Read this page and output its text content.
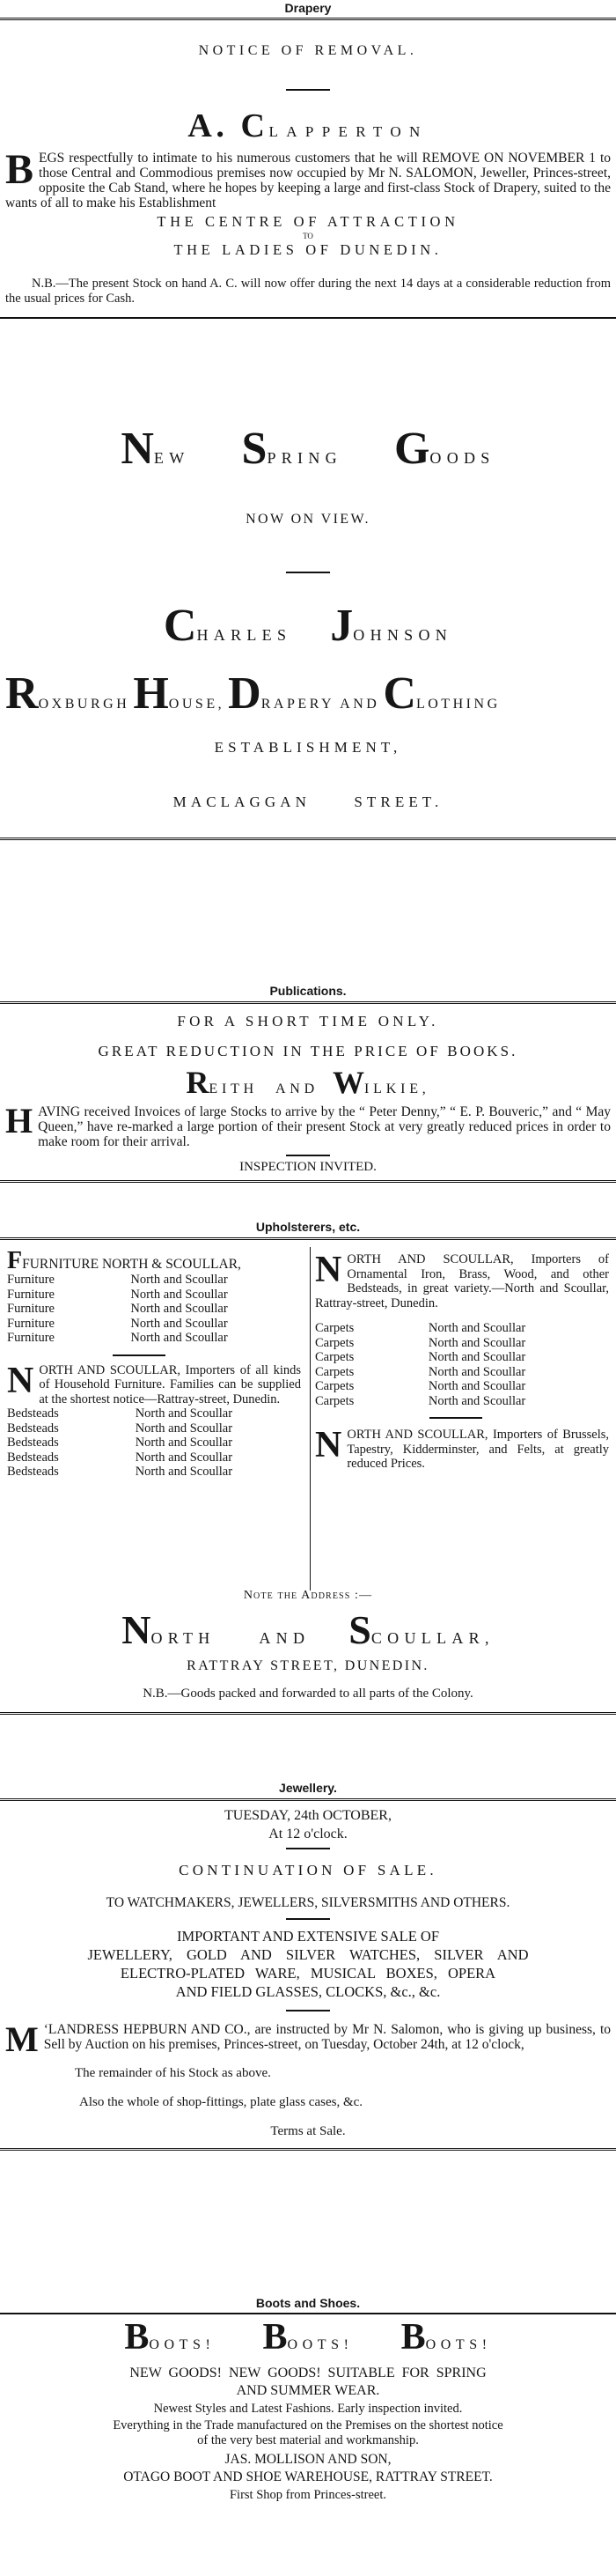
Drapery
NOTICE OF REMOVAL.
A. CLAPPERTON
BEGS respectfully to intimate to his numerous customers that he will REMOVE ON NOVEMBER 1 to those Central and Commodious premises now occupied by Mr N. SALOMON, Jeweller, Princes-street, opposite the Cab Stand, where he hopes by keeping a large and first-class Stock of Drapery, suited to the wants of all to make his Establishment
THE CENTRE OF ATTRACTION
TO
THE LADIES OF DUNEDIN.
N.B.—The present Stock on hand A. C. will now offer during the next 14 days at a considerable reduction from the usual prices for Cash.
NEW SPRING GOODS
NOW ON VIEW.
CHARLES JOHNSON
ROXBURGH HOUSE, DRAPERY AND CLOTHING
ESTABLISHMENT,
MACLAGGAN STREET.
Publications.
FOR A SHORT TIME ONLY.
GREAT REDUCTION IN THE PRICE OF BOOKS.
REITH AND WILKIE,
HAVING received Invoices of large Stocks to arrive by the “ Peter Denny,” “ E. P. Bouveric,” and “ May Queen,” have re-marked a large portion of their present Stock at very greatly reduced prices in order to make room for their arrival.
INSPECTION INVITED.
Upholsterers, etc.
FFURNITURE NORTH & SCOULLAR,
Furniture	North and Scoullar
Furniture	North and Scoullar
Furniture	North and Scoullar
Furniture	North and Scoullar
Furniture	North and Scoullar
NORTH AND SCOULLAR, Importers of all kinds of Household Furniture. Families can be supplied at the shortest notice—Rattray-street, Dunedin.
Bedsteads	North and Scoullar
Bedsteads	North and Scoullar
Bedsteads	North and Scoullar
Bedsteads	North and Scoullar
Bedsteads	North and Scoullar
NORTH AND SCOULLAR, Importers of Ornamental Iron, Brass, Wood, and other Bedsteads, in great variety.—North and Scoullar, Rattray-street, Dunedin.
Carpets	North and Scoullar
Carpets	North and Scoullar
Carpets	North and Scoullar
Carpets	North and Scoullar
Carpets	North and Scoullar
Carpets	North and Scoullar
NORTH AND SCOULLAR, Importers of Brussels, Tapestry, Kidderminster, and Felts, at greatly reduced Prices.
Note the Address :—
NORTH AND SCOULLAR,
RATTRAY STREET, DUNEDIN.
N.B.—Goods packed and forwarded to all parts of the Colony.
Jewellery.
TUESDAY, 24th OCTOBER,
At 12 o'clock.
CONTINUATION OF SALE.
TO WATCHMAKERS, JEWELLERS, SILVERSMITHS AND OTHERS.
IMPORTANT AND EXTENSIVE SALE OF
JEWELLERY, GOLD AND SILVER WATCHES, SILVER AND
ELECTRO-PLATED WARE, MUSICAL BOXES, OPERA
AND FIELD GLASSES, CLOCKS, &c., &c.
M ‘LANDRESS HEPBURN AND CO., are instructed by Mr N. Salomon, who is giving up business, to Sell by Auction on his premises, Princes-street, on Tuesday, October 24th, at 12 o'clock,
The remainder of his Stock as above.
Also the whole of shop-fittings, plate glass cases, &c.
Terms at Sale.
Boots and Shoes.
BOOTS! BOOTS! BOOTS!
NEW GOODS! NEW GOODS! SUITABLE FOR SPRING
AND SUMMER WEAR.
Newest Styles and Latest Fashions. Early inspection invited.
Everything in the Trade manufactured on the Premises on the shortest notice
of the very best material and workmanship.
JAS. MOLLISON AND SON,
OTAGO BOOT AND SHOE WAREHOUSE, RATTRAY STREET.
First Shop from Princes-street.
